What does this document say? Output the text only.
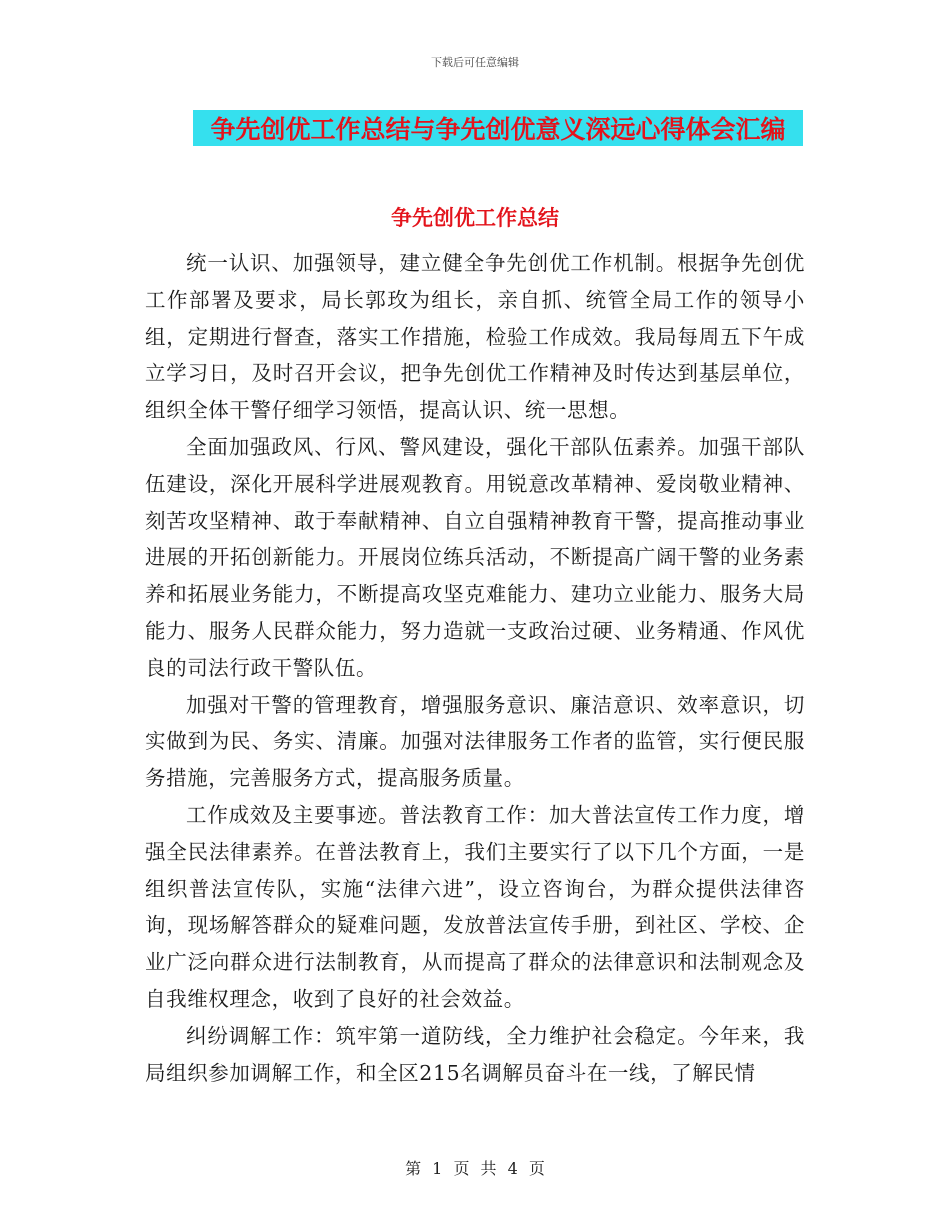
下载后可任意编辑
争先创优工作总结与争先创优意义深远心得体会汇编
争先创优工作总结

统一认识、加强领导，建立健全争先创优工作机制。根据争先创优工作部署及要求，局长郭玫为组长，亲自抓、统管全局工作的领导小组，定期进行督查，落实工作措施，检验工作成效。我局每周五下午成立学习日，及时召开会议，把争先创优工作精神及时传达到基层单位，组织全体干警仔细学习领悟，提高认识、统一思想。

全面加强政风、行风、警风建设，强化干部队伍素养。加强干部队伍建设，深化开展科学进展观教育。用锐意改革精神、爱岗敬业精神、刻苦攻坚精神、敢于奉献精神、自立自强精神教育干警，提高推动事业进展的开拓创新能力。开展岗位练兵活动，不断提高广阔干警的业务素养和拓展业务能力，不断提高攻坚克难能力、建功立业能力、服务大局能力、服务人民群众能力，努力造就一支政治过硬、业务精通、作风优良的司法行政干警队伍。

加强对干警的管理教育，增强服务意识、廉洁意识、效率意识，切实做到为民、务实、清廉。加强对法律服务工作者的监管，实行便民服务措施，完善服务方式，提高服务质量。

工作成效及主要事迹。普法教育工作：加大普法宣传工作力度，增强全民法律素养。在普法教育上，我们主要实行了以下几个方面，一是组织普法宣传队，实施“法律六进”，设立咨询台，为群众提供法律咨询，现场解答群众的疑难问题，发放普法宣传手册，到社区、学校、企业广泛向群众进行法制教育，从而提高了群众的法律意识和法制观念及自我维权理念，收到了良好的社会效益。

纠纷调解工作：筑牢第一道防线，全力维护社会稳定。今年来，我局组织参加调解工作，和全区215名调解员奋斗在一线，了解民情

第 1 页 共 4 页
